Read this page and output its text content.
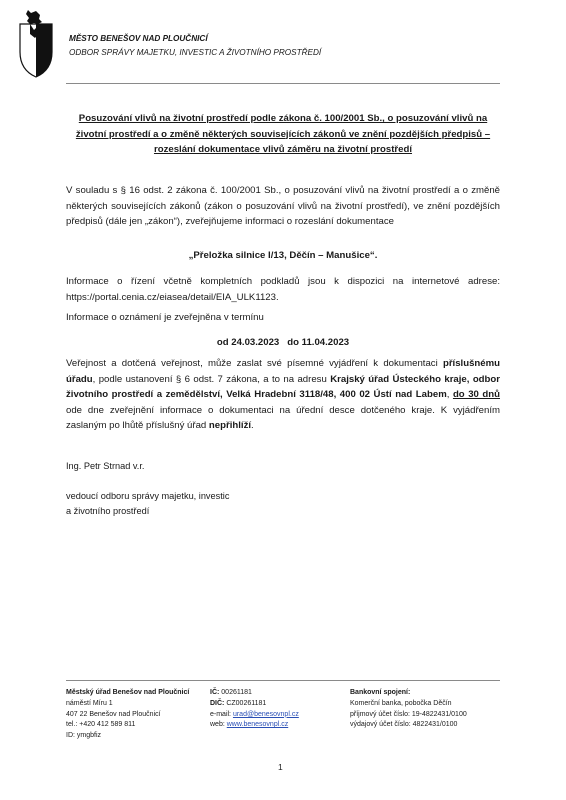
MĚSTO BENEŠOV NAD PLOUČNICÍ
ODBOR SPRÁVY MAJETKU, INVESTIC A ŽIVOTNÍHO PROSTŘEDÍ
Posuzování vlivů na životní prostředí podle zákona č. 100/2001 Sb., o posuzování vlivů na životní prostředí a o změně některých souvisejících zákonů ve znění pozdějších předpisů – rozeslání dokumentace vlivů záměru na životní prostředí
V souladu s § 16 odst. 2 zákona č. 100/2001 Sb., o posuzování vlivů na životní prostředí a o změně některých souvisejících zákonů (zákon o posuzování vlivů na životní prostředí), ve znění pozdějších předpisů (dále jen „zákon“), zveřejňujeme informaci o rozeslání dokumentace
„Přeložka silnice I/13, Děčín – Manušice“.
Informace o řízení včetně kompletních podkladů jsou k dispozici na internetové adrese: https://portal.cenia.cz/eiasea/detail/EIA_ULK1123.
Informace o oznámení je zveřejněna v termínu
od 24.03.2023 do 11.04.2023
Veřejnost a dotčená veřejnost, může zaslat své písemné vyjádření k dokumentaci příslušnému úřadu, podle ustanovení § 6 odst. 7 zákona, a to na adresu Krajský úřad Ústeckého kraje, odbor životního prostředí a zemědělství, Velká Hradební 3118/48, 400 02 Ústí nad Labem, do 30 dnů ode dne zveřejnění informace o dokumentaci na úřední desce dotčeného kraje. K vyjádřením zaslaným po lhůtě příslušný úřad nepřihlíží.
Ing. Petr Strnad v.r.
vedoucí odboru správy majetku, investic
a životního prostředí
Městský úřad Benešov nad Ploučnicí
náměstí Míru 1
407 22 Benešov nad Ploučnicí
tel.: +420 412 589 811
ID: ymgbfiz
IČ: 00261181
DIČ: CZ00261181
e-mail: urad@benesovnpl.cz
web: www.benesovnpl.cz
Bankovní spojení:
Komerční banka, pobočka Děčín
příjmový účet číslo: 19-4822431/0100
výdajový účet číslo: 4822431/0100
1
